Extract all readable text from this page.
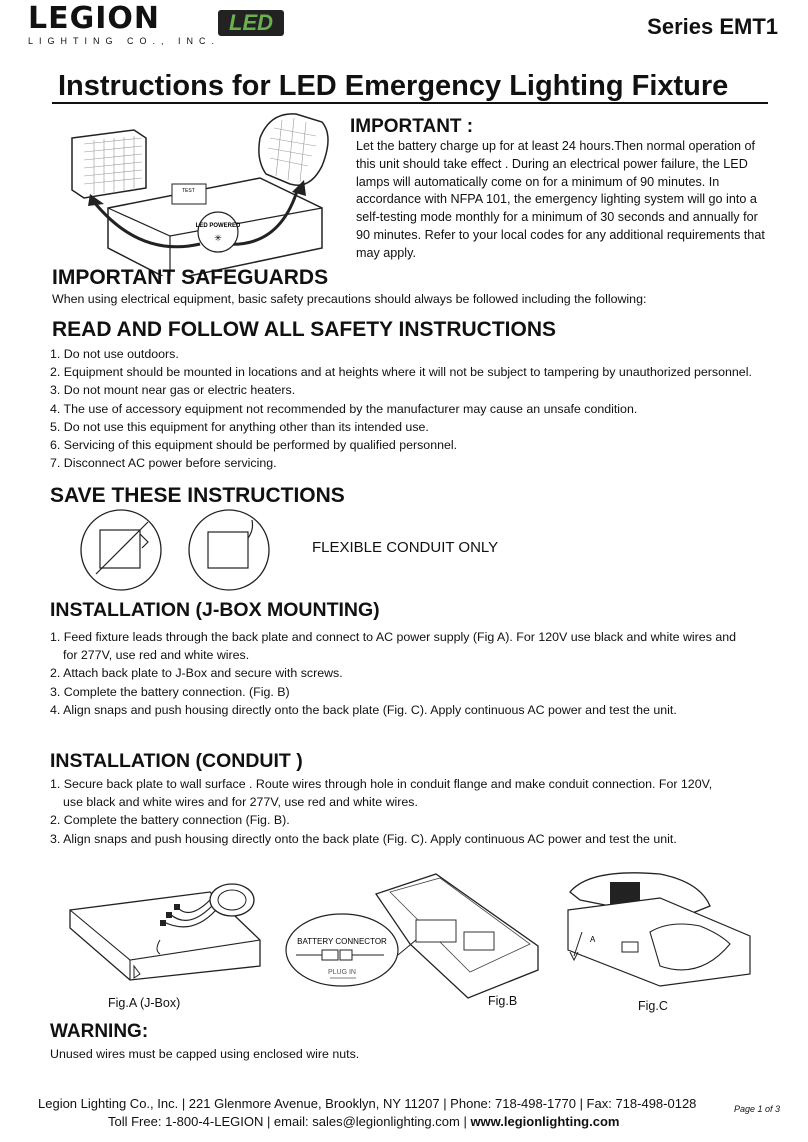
LEGION
LIGHTING CO., INC.
LED	Series EMT1
Instructions for LED Emergency Lighting Fixture
TEST
LED POWERED
✳
IMPORTANT :
Let the battery charge up for at least 24 hours.Then normal operation of this unit should take effect . During an electrical power failure, the LED lamps will automatically come on for a minimum of 90 minutes. In accordance with NFPA 101, the emergency lighting system will go into a self-testing mode monthly for a minimum of 30 seconds and annually for 90 minutes. Refer to your local codes for any additional requirements that may apply.
IMPORTANT SAFEGUARDS
When using electrical equipment, basic safety precautions should always be followed including the following:
READ AND FOLLOW ALL SAFETY INSTRUCTIONS
1. Do not use outdoors.
2. Equipment should be mounted in locations and at heights where it will not be subject to tampering by unauthorized personnel.
3. Do not mount near gas or electric heaters.
4. The use of accessory equipment not recommended by the manufacturer may cause an unsafe condition.
5. Do not use this equipment for anything other than its intended use.
6. Servicing of this equipment should be performed by qualified personnel.
7. Disconnect AC power before servicing.
SAVE THESE INSTRUCTIONS
FLEXIBLE CONDUIT ONLY
INSTALLATION (J-BOX MOUNTING)
1. Feed fixture leads through the back plate and connect to AC power supply (Fig A). For 120V use black and white wires and
for 277V, use red and white wires.
2. Attach back plate to J-Box and secure with screws.
3. Complete the battery connection. (Fig. B)
4. Align snaps and push housing directly onto the back plate (Fig. C). Apply continuous AC power and test the unit.
INSTALLATION (CONDUIT )
1. Secure back plate to wall surface . Route wires through hole in conduit flange and make conduit connection. For 120V,
use black and white wires and for 277V, use red and white wires.
2. Complete the battery connection (Fig. B).
3. Align snaps and push housing directly onto the back plate (Fig. C). Apply continuous AC power and test the unit.
BATTERY CONNECTOR
PLUG IN
A
Fig.A (J-Box)	Fig.B	Fig.C
WARNING:
Unused wires must be capped using enclosed wire nuts.
Legion Lighting Co., Inc. | 221 Glenmore Avenue, Brooklyn, NY 11207 | Phone: 718-498-1770 | Fax: 718-498-0128
Toll Free: 1-800-4-LEGION | email: sales@legionlighting.com | www.legionlighting.com
Page 1 of 3
